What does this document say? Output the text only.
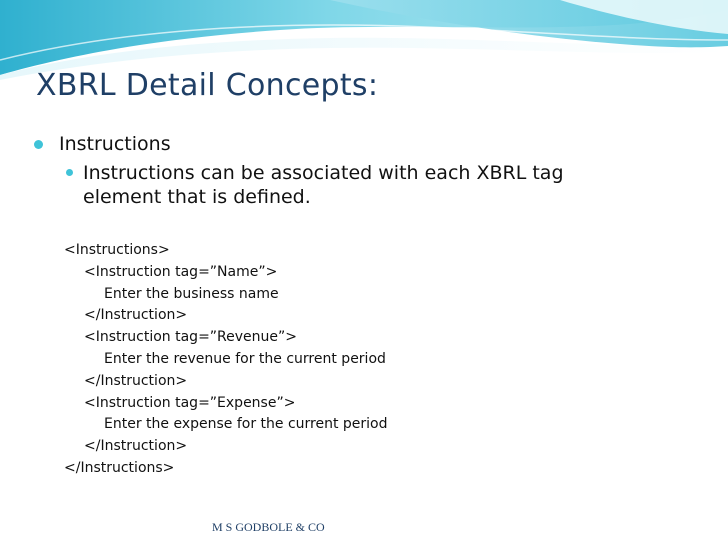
XBRL Detail Concepts:
Instructions
Instructions can be associated with each XBRL tag element that is defined.
<Instructions>
<Instruction tag=”Name”>
Enter the business name
</Instruction>
<Instruction tag=”Revenue”>
Enter the revenue for the current period
</Instruction>
<Instruction tag=”Expense”>
Enter the expense for the current period
</Instruction>
</Instructions>
M S GODBOLE & CO
